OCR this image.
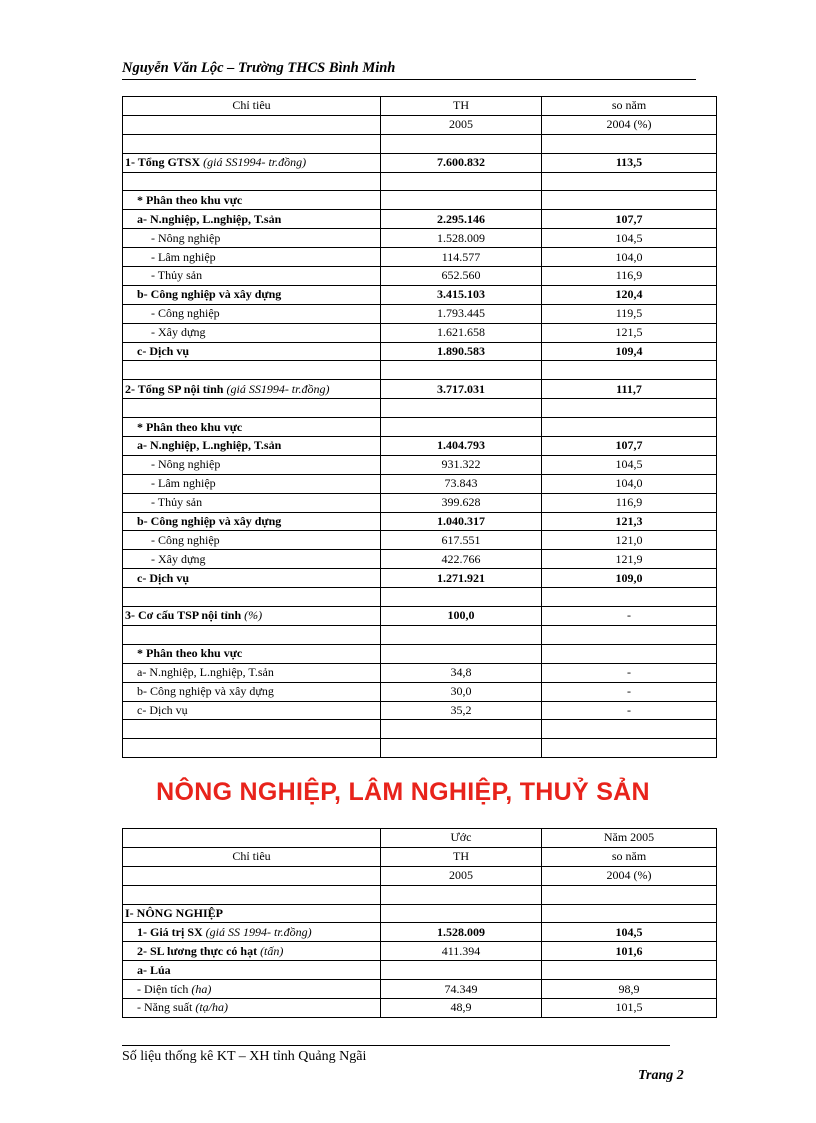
Nguyễn Văn Lộc – Trường THCS Bình Minh
Chỉ tiêu	TH	so năm
	2005	2004 (%)

1- Tổng GTSX (giá SS1994- tr.đồng)	7.600.832	113,5

* Phân theo khu vực		
a- N.nghiệp, L.nghiệp, T.sản	2.295.146	107,7
- Nông nghiệp	1.528.009	104,5
- Lâm nghiệp	114.577	104,0
- Thủy sản	652.560	116,9
b- Công nghiệp và xây dựng	3.415.103	120,4
- Công nghiệp	1.793.445	119,5
- Xây dựng	1.621.658	121,5
c- Dịch vụ	1.890.583	109,4

2- Tổng SP nội tỉnh (giá SS1994- tr.đồng)	3.717.031	111,7

* Phân theo khu vực		
a- N.nghiệp, L.nghiệp, T.sản	1.404.793	107,7
- Nông nghiệp	931.322	104,5
- Lâm nghiệp	73.843	104,0
- Thủy sản	399.628	116,9
b- Công nghiệp và xây dựng	1.040.317	121,3
- Công nghiệp	617.551	121,0
- Xây dựng	422.766	121,9
c- Dịch vụ	1.271.921	109,0

3- Cơ cấu TSP nội tỉnh (%)	100,0	-

* Phân theo khu vực		
a- N.nghiệp, L.nghiệp, T.sản	34,8	-
b- Công nghiệp và xây dựng	30,0	-
c- Dịch vụ	35,2	-

NÔNG NGHIỆP, LÂM NGHIỆP, THUỶ SẢN
	Ước	Năm 2005
Chỉ tiêu	TH	so năm
	2005	2004 (%)

I- NÔNG NGHIỆP		
1- Giá trị SX (giá SS 1994- tr.đồng)	1.528.009	104,5
2- SL lương thực có hạt (tấn)	411.394	101,6
a- Lúa		
- Diện tích (ha)	74.349	98,9
- Năng suất (tạ/ha)	48,9	101,5
Số liệu thống kê KT – XH tỉnh Quảng Ngãi
Trang 2
